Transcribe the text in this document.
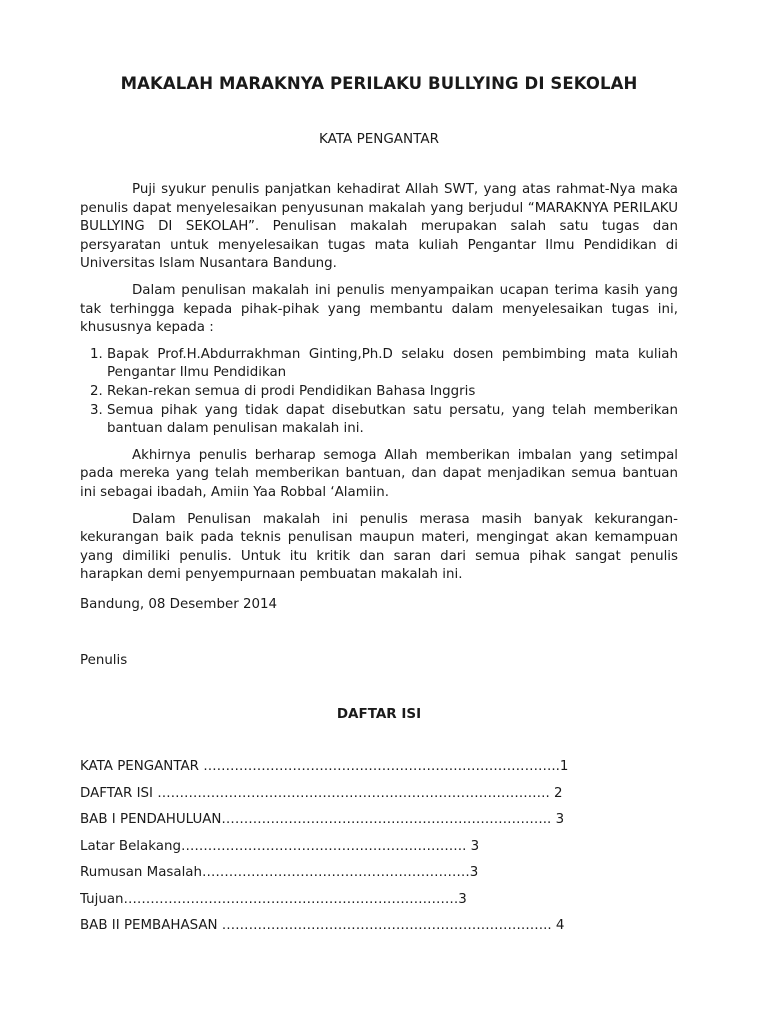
MAKALAH MARAKNYA PERILAKU BULLYING DI SEKOLAH
KATA PENGANTAR

Puji syukur penulis panjatkan kehadirat Allah SWT, yang atas rahmat-Nya maka penulis dapat menyelesaikan penyusunan makalah yang berjudul “MARAKNYA PERILAKU BULLYING DI SEKOLAH”. Penulisan makalah merupakan salah satu tugas dan persyaratan untuk menyelesaikan tugas mata kuliah Pengantar Ilmu Pendidikan di Universitas Islam Nusantara Bandung.

Dalam penulisan makalah ini penulis menyampaikan ucapan terima kasih yang tak terhingga kepada pihak-pihak yang membantu dalam menyelesaikan tugas ini, khususnya kepada :

1. Bapak Prof.H.Abdurrakhman Ginting,Ph.D selaku dosen pembimbing mata kuliah Pengantar Ilmu Pendidikan
2. Rekan-rekan semua di prodi Pendidikan Bahasa Inggris
3. Semua pihak yang tidak dapat disebutkan satu persatu, yang telah memberikan bantuan dalam penulisan makalah ini.

Akhirnya penulis berharap semoga Allah memberikan imbalan yang setimpal pada mereka yang telah memberikan bantuan, dan dapat menjadikan semua bantuan ini sebagai ibadah, Amiin Yaa Robbal ‘Alamiin.

Dalam Penulisan makalah ini penulis merasa masih banyak kekurangan-kekurangan baik pada teknis penulisan maupun materi, mengingat akan kemampuan yang dimiliki penulis. Untuk itu kritik dan saran dari semua pihak sangat penulis harapkan demi penyempurnaan pembuatan makalah ini.

Bandung, 08 Desember 2014
Penulis
DAFTAR ISI
KATA PENGANTAR ……………………………………………………………………..1
DAFTAR ISI ……………………………………………………………………………. 2
BAB I PENDAHULUAN……………………………………………………………….. 3
Latar Belakang………………………………………………………. 3
Rumusan Masalah……………………………………………………3
Tujuan…………………………………………………………………3
BAB II PEMBAHASAN ……………………………………………………………….. 4
